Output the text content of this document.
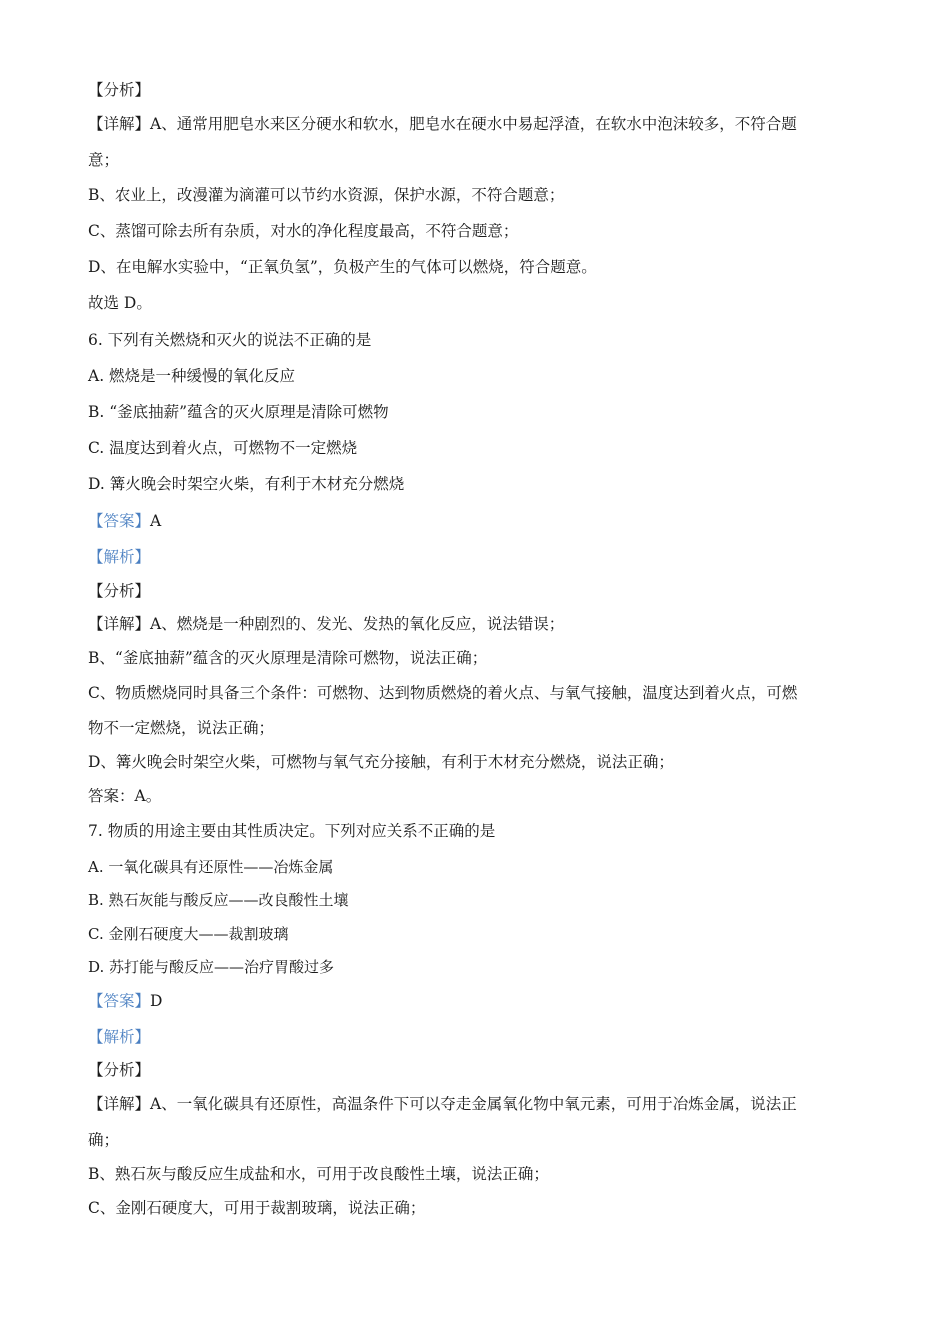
【分析】
【详解】A、通常用肥皂水来区分硬水和软水，肥皂水在硬水中易起浮渣，在软水中泡沫较多，不符合题
意；
B、农业上，改漫灌为滴灌可以节约水资源，保护水源，不符合题意；
C、蒸馏可除去所有杂质，对水的净化程度最高，不符合题意；
D、在电解水实验中，“正氧负氢”，负极产生的气体可以燃烧，符合题意。
故选 D。
6. 下列有关燃烧和灭火的说法不正确的是
A. 燃烧是一种缓慢的氧化反应
B. “釜底抽薪”蕴含的灭火原理是清除可燃物
C. 温度达到着火点，可燃物不一定燃烧
D. 篝火晚会时架空火柴，有利于木材充分燃烧
【答案】A
【解析】
【分析】
【详解】A、燃烧是一种剧烈的、发光、发热的氧化反应，说法错误；
B、“釜底抽薪”蕴含的灭火原理是清除可燃物，说法正确；
C、物质燃烧同时具备三个条件：可燃物、达到物质燃烧的着火点、与氧气接触，温度达到着火点，可燃
物不一定燃烧，说法正确；
D、篝火晚会时架空火柴，可燃物与氧气充分接触，有利于木材充分燃烧，说法正确；
答案：A。
7. 物质的用途主要由其性质决定。下列对应关系不正确的是
A. 一氧化碳具有还原性——冶炼金属
B. 熟石灰能与酸反应——改良酸性土壤
C. 金刚石硬度大——裁割玻璃
D. 苏打能与酸反应——治疗胃酸过多
【答案】D
【解析】
【分析】
【详解】A、一氧化碳具有还原性，高温条件下可以夺走金属氧化物中氧元素，可用于冶炼金属，说法正
确；
B、熟石灰与酸反应生成盐和水，可用于改良酸性土壤，说法正确；
C、金刚石硬度大，可用于裁割玻璃，说法正确；
